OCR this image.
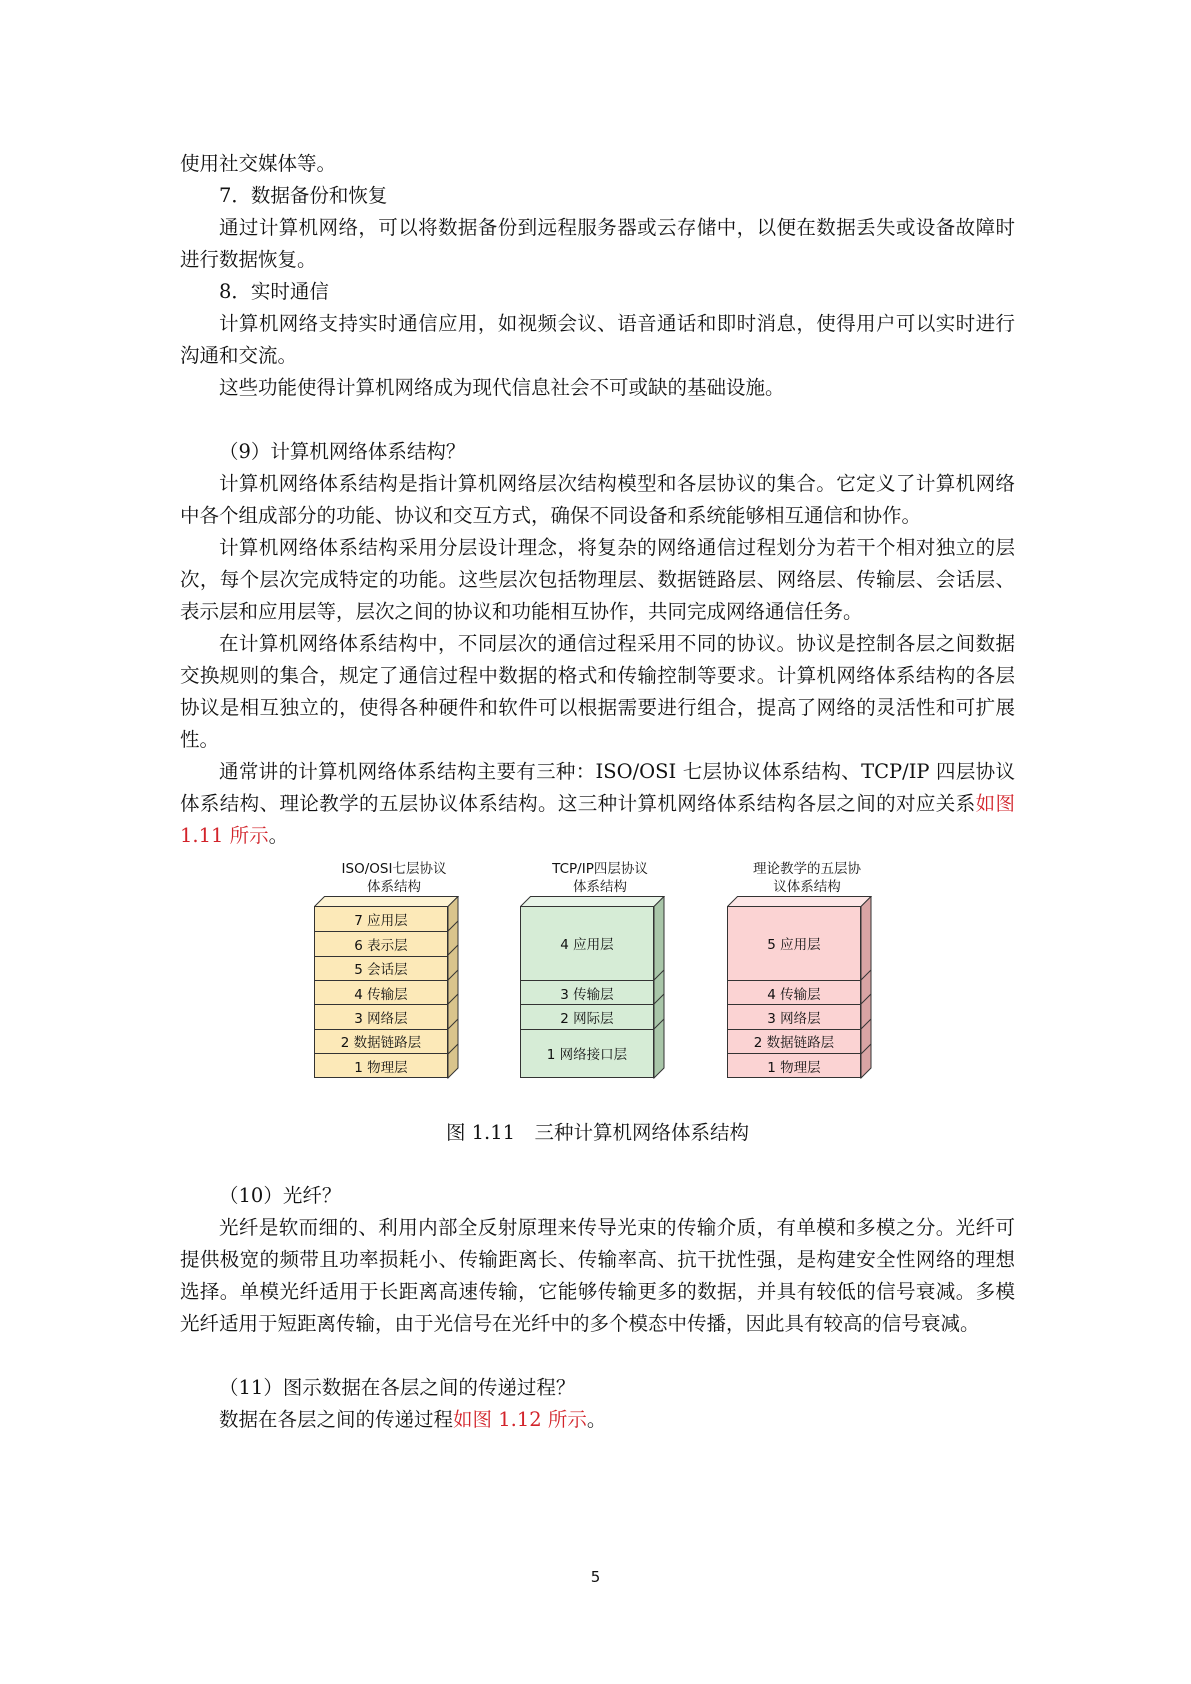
使用社交媒体等。

7．数据备份和恢复

通过计算机网络，可以将数据备份到远程服务器或云存储中，以便在数据丢失或设备故障时进行数据恢复。

8．实时通信

计算机网络支持实时通信应用，如视频会议、语音通话和即时消息，使得用户可以实时进行沟通和交流。

这些功能使得计算机网络成为现代信息社会不可或缺的基础设施。

（9）计算机网络体系结构？

计算机网络体系结构是指计算机网络层次结构模型和各层协议的集合。它定义了计算机网络中各个组成部分的功能、协议和交互方式，确保不同设备和系统能够相互通信和协作。

计算机网络体系结构采用分层设计理念，将复杂的网络通信过程划分为若干个相对独立的层次，每个层次完成特定的功能。这些层次包括物理层、数据链路层、网络层、传输层、会话层、表示层和应用层等，层次之间的协议和功能相互协作，共同完成网络通信任务。

在计算机网络体系结构中，不同层次的通信过程采用不同的协议。协议是控制各层之间数据交换规则的集合，规定了通信过程中数据的格式和传输控制等要求。计算机网络体系结构的各层协议是相互独立的，使得各种硬件和软件可以根据需要进行组合，提高了网络的灵活性和可扩展性。

通常讲的计算机网络体系结构主要有三种：ISO/OSI 七层协议体系结构、TCP/IP 四层协议体系结构、理论教学的五层协议体系结构。这三种计算机网络体系结构各层之间的对应关系如图 1.11 所示。

ISO/OSI七层协议
体系结构
7 应用层
6 表示层
5 会话层
4 传输层
3 网络层
2 数据链路层
1 物理层
TCP/IP四层协议
体系结构
4 应用层
3 传输层
2 网际层
1 网络接口层
理论教学的五层协
议体系结构
5 应用层
4 传输层
3 网络层
2 数据链路层
1 物理层

图 1.11　三种计算机网络体系结构

（10）光纤？

光纤是软而细的、利用内部全反射原理来传导光束的传输介质，有单模和多模之分。光纤可提供极宽的频带且功率损耗小、传输距离长、传输率高、抗干扰性强，是构建安全性网络的理想选择。单模光纤适用于长距离高速传输，它能够传输更多的数据，并具有较低的信号衰减。多模光纤适用于短距离传输，由于光信号在光纤中的多个模态中传播，因此具有较高的信号衰减。

（11）图示数据在各层之间的传递过程？

数据在各层之间的传递过程如图 1.12 所示。

5
